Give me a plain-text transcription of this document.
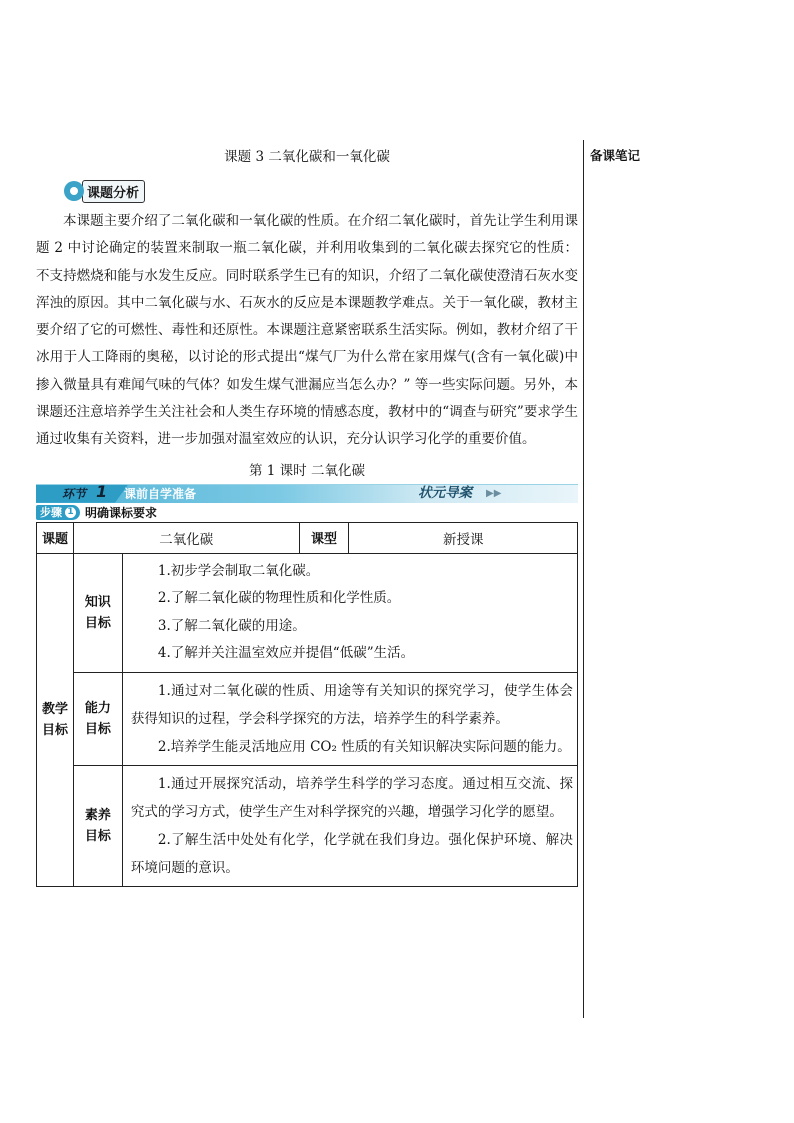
备课笔记
课题 3 二氧化碳和一氧化碳
课题分析

本课题主要介绍了二氧化碳和一氧化碳的性质。在介绍二氧化碳时，首先让学生利用课题 2 中讨论确定的装置来制取一瓶二氧化碳，并利用收集到的二氧化碳去探究它的性质：不支持燃烧和能与水发生反应。同时联系学生已有的知识，介绍了二氧化碳使澄清石灰水变浑浊的原因。其中二氧化碳与水、石灰水的反应是本课题教学难点。关于一氧化碳，教材主要介绍了它的可燃性、毒性和还原性。本课题注意紧密联系生活实际。例如，教材介绍了干冰用于人工降雨的奥秘，以讨论的形式提出“煤气厂为什么常在家用煤气(含有一氧化碳)中掺入微量具有难闻气味的气体？如发生煤气泄漏应当怎么办？” 等一些实际问题。另外，本课题还注意培养学生关注社会和人类生存环境的情感态度，教材中的“调查与研究”要求学生通过收集有关资料，进一步加强对温室效应的认识，充分认识学习化学的重要价值。

第 1 课时 二氧化碳
环节 1 课前自学准备	状元导案 ▶▶
步骤 1 明确课标要求
课题	二氧化碳		课型	新授课

教学目标	知识目标	1.初步学会制取二氧化碳。
2.了解二氧化碳的物理性质和化学性质。
3.了解二氧化碳的用途。
4.了解并关注温室效应并提倡“低碳”生活。		

	能力目标	1.通过对二氧化碳的性质、用途等有关知识的探究学习，使学生体会获得知识的过程，学会科学探究的方法，培养学生的科学素养。
2.培养学生能灵活地应用 CO₂ 性质的有关知识解决实际问题的能力。		

	素养目标	1.通过开展探究活动，培养学生科学的学习态度。通过相互交流、探究式的学习方式，使学生产生对科学探究的兴趣，增强学习化学的愿望。
2.了解生活中处处有化学，化学就在我们身边。强化保护环境、解决环境问题的意识。		
